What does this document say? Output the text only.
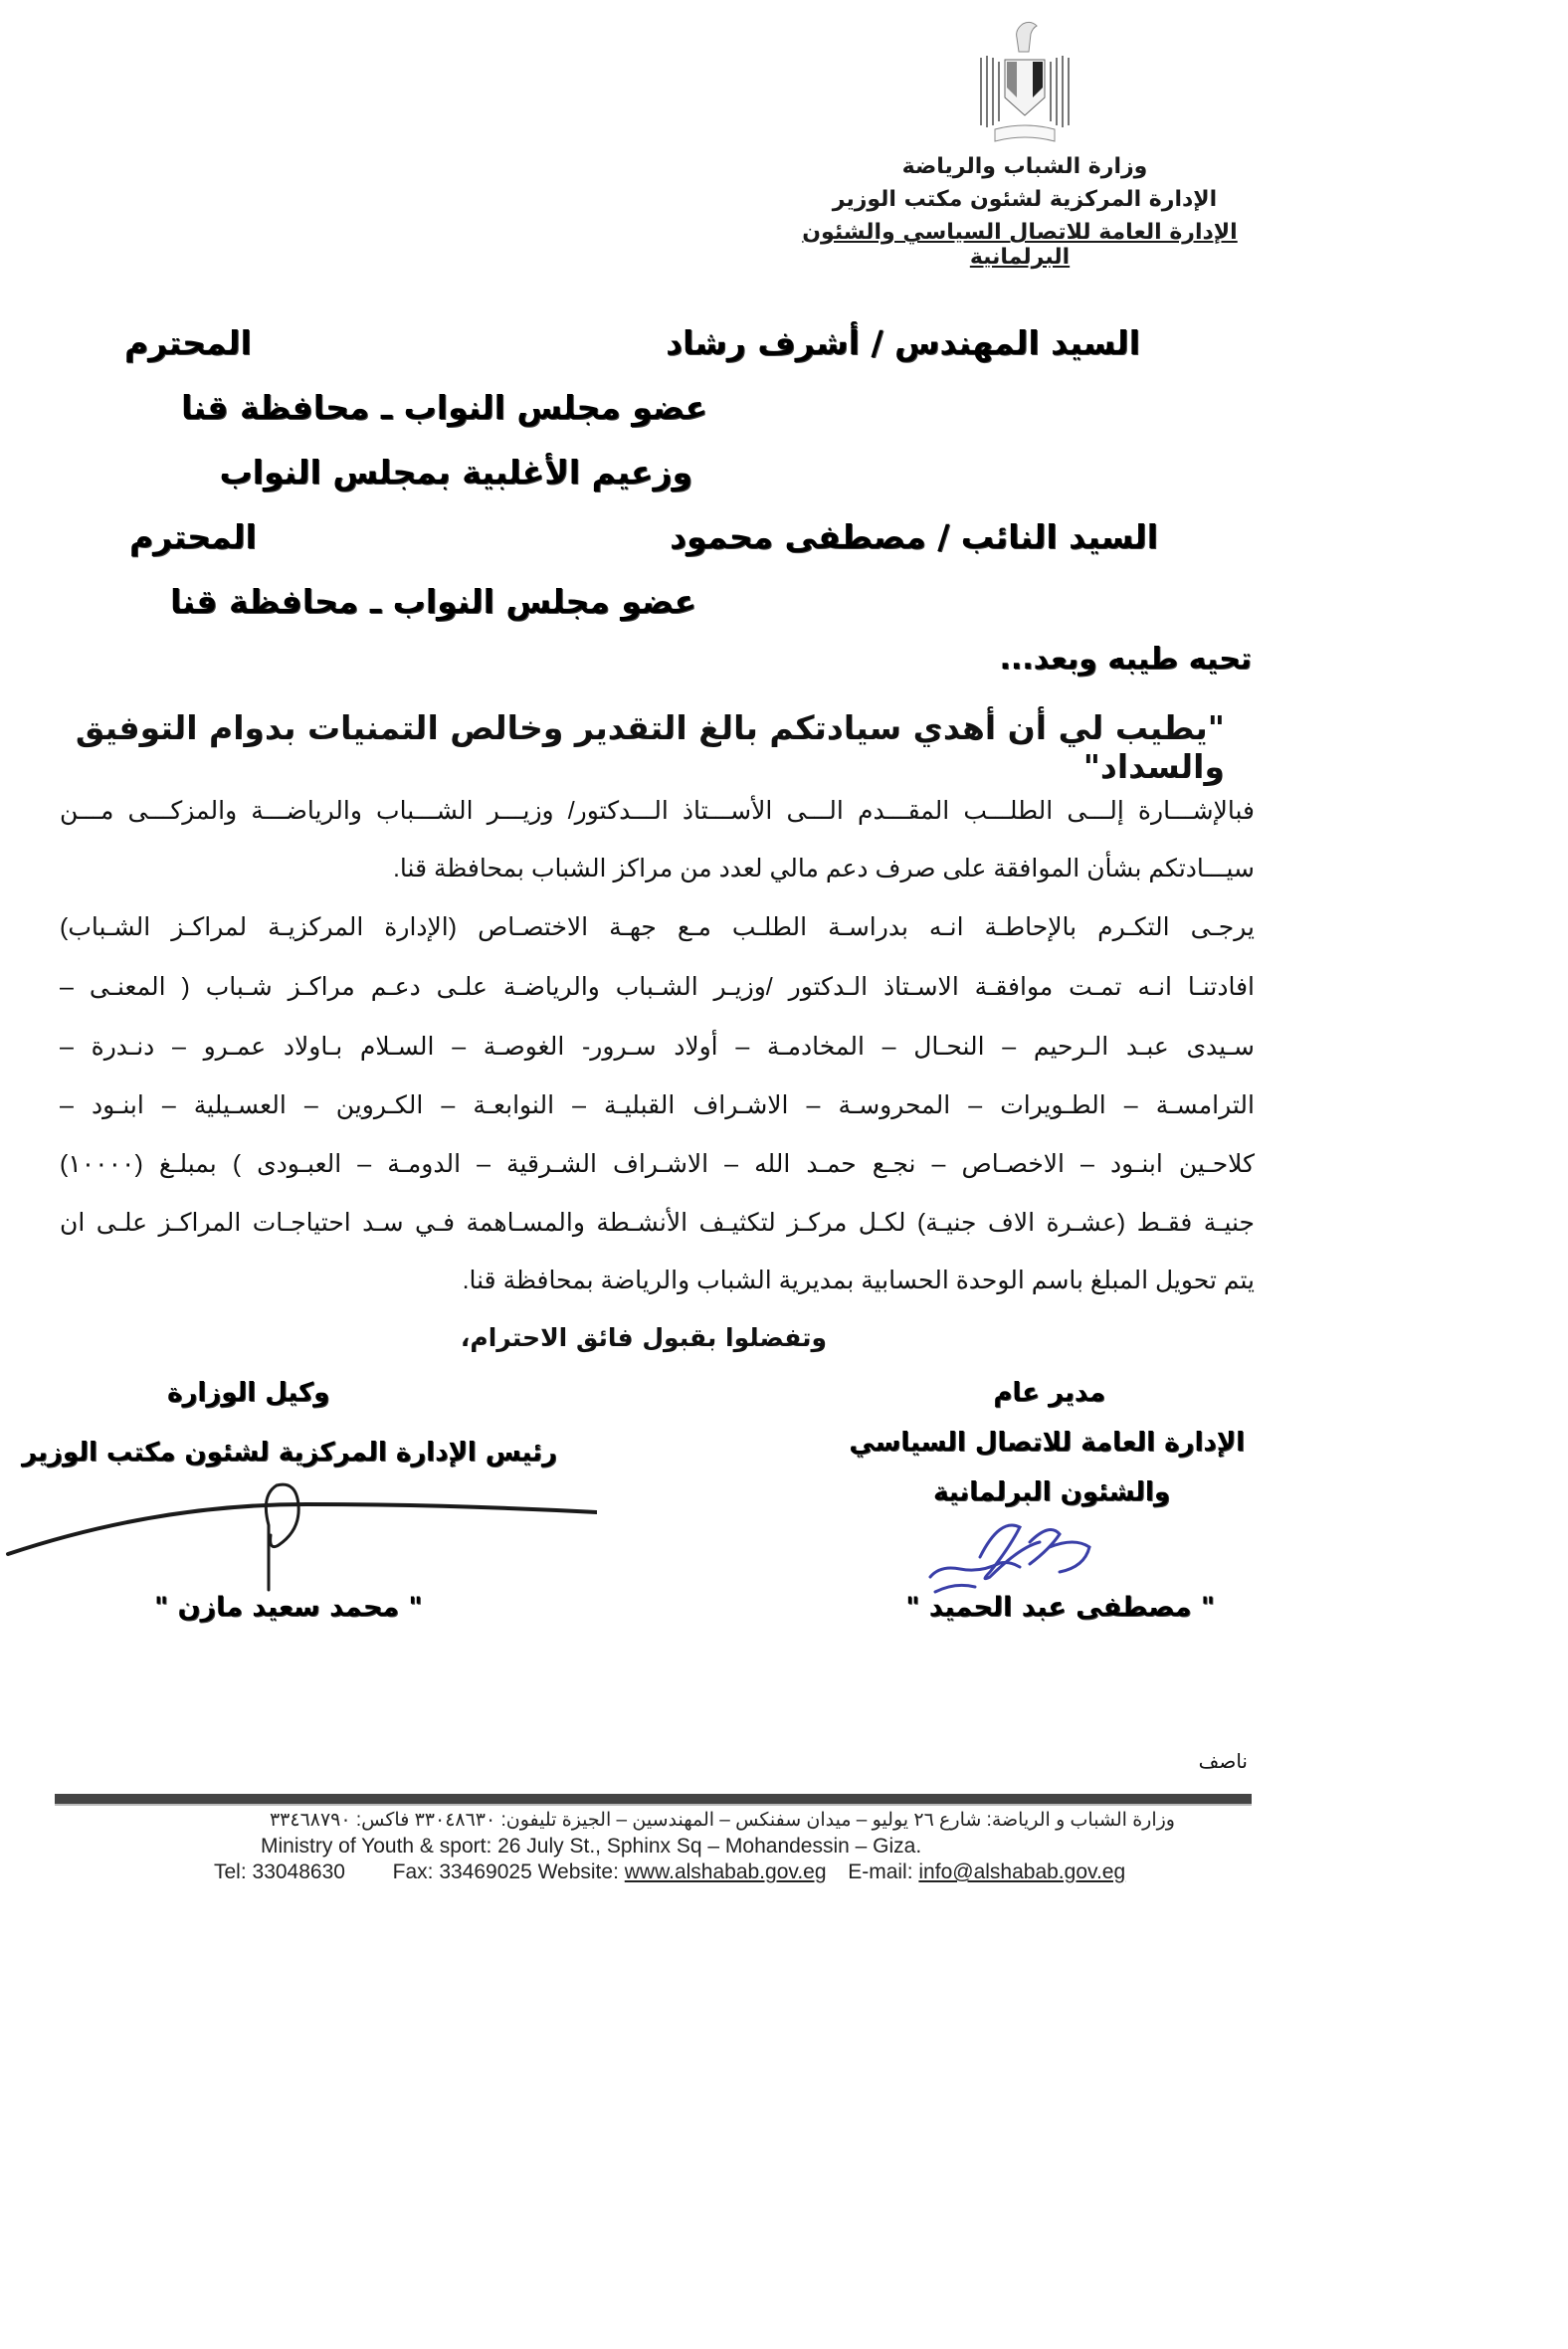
وزارة الشباب والرياضة
الإدارة المركزية لشئون مكتب الوزير
الإدارة العامة للاتصال السياسي والشئون البرلمانية
السيد المهندس / أشرف رشاد
المحترم
عضو مجلس النواب ـ محافظة قنا
وزعيم الأغلبية بمجلس النواب
السيد النائب / مصطفى محمود
المحترم
عضو مجلس النواب ـ محافظة قنا
تحيه طيبه وبعد...
"يطيب لي أن أهدي سيادتكم بالغ التقدير وخالص التمنيات بدوام التوفيق والسداد"
فبالإشـــارة إلـــى الطلـــب المقـــدم الـــى الأســـتاذ الـــدكتور/ وزيـــر الشـــباب والرياضـــة والمزكـــى مـــن
سيـــادتكم بشأن الموافقة على صرف دعم مالي لعدد من مراكز الشباب بمحافظة قنا.
يرجـى التكـرم بالإحاطـة انـه بدراسـة الطلـب مـع جهـة الاختصـاص (الإدارة المركزيـة لمراكـز الشـباب)
افادتنـا انـه تمـت موافقـة الاسـتاذ الـدكتور /وزيـر الشـباب والرياضـة علـى دعـم مراكـز شـباب ( المعنـى –
سـيدى عبـد الـرحيم – النحـال – المخادمـة – أولاد سـرور- الغوصـة – السـلام بـاولاد عمـرو – دنـدرة –
الترامسـة – الطـويرات – المحروسـة – الاشـراف القبليـة – النوابعـة – الكـروين – العسـيلية – ابنـود –
كلاحـين ابنـود – الاخصـاص – نجـع حمـد الله – الاشـراف الشـرقية – الدومـة – العبـودى ) بمبلـغ (١٠٠٠٠)
جنيـة فقـط (عشـرة الاف جنيـة) لكـل مركـز لتكثيـف الأنشـطة والمسـاهمة فـي سـد احتياجـات المراكـز علـى ان
يتم تحويل المبلغ باسم الوحدة الحسابية بمديرية الشباب والرياضة بمحافظة قنا.
وتفضلوا بقبول فائق الاحترام،
مدير عام
الإدارة العامة للاتصال السياسي
والشئون البرلمانية
" مصطفى عبد الحميد "
وكيل الوزارة
رئيس الإدارة المركزية لشئون مكتب الوزير
" محمد سعيد مازن "
ناصف
وزارة الشباب و الرياضة: شارع ٢٦ يوليو – ميدان سفنكس – المهندسين – الجيزة تليفون: ٣٣٠٤٨٦٣٠ فاكس: ٣٣٤٦٨٧٩٠
Ministry of Youth & sport: 26 July St., Sphinx Sq – Mohandessin – Giza.
Tel: 33048630 Fax: 33469025 Website: www.alshabab.gov.eg E-mail: info@alshabab.gov.eg
